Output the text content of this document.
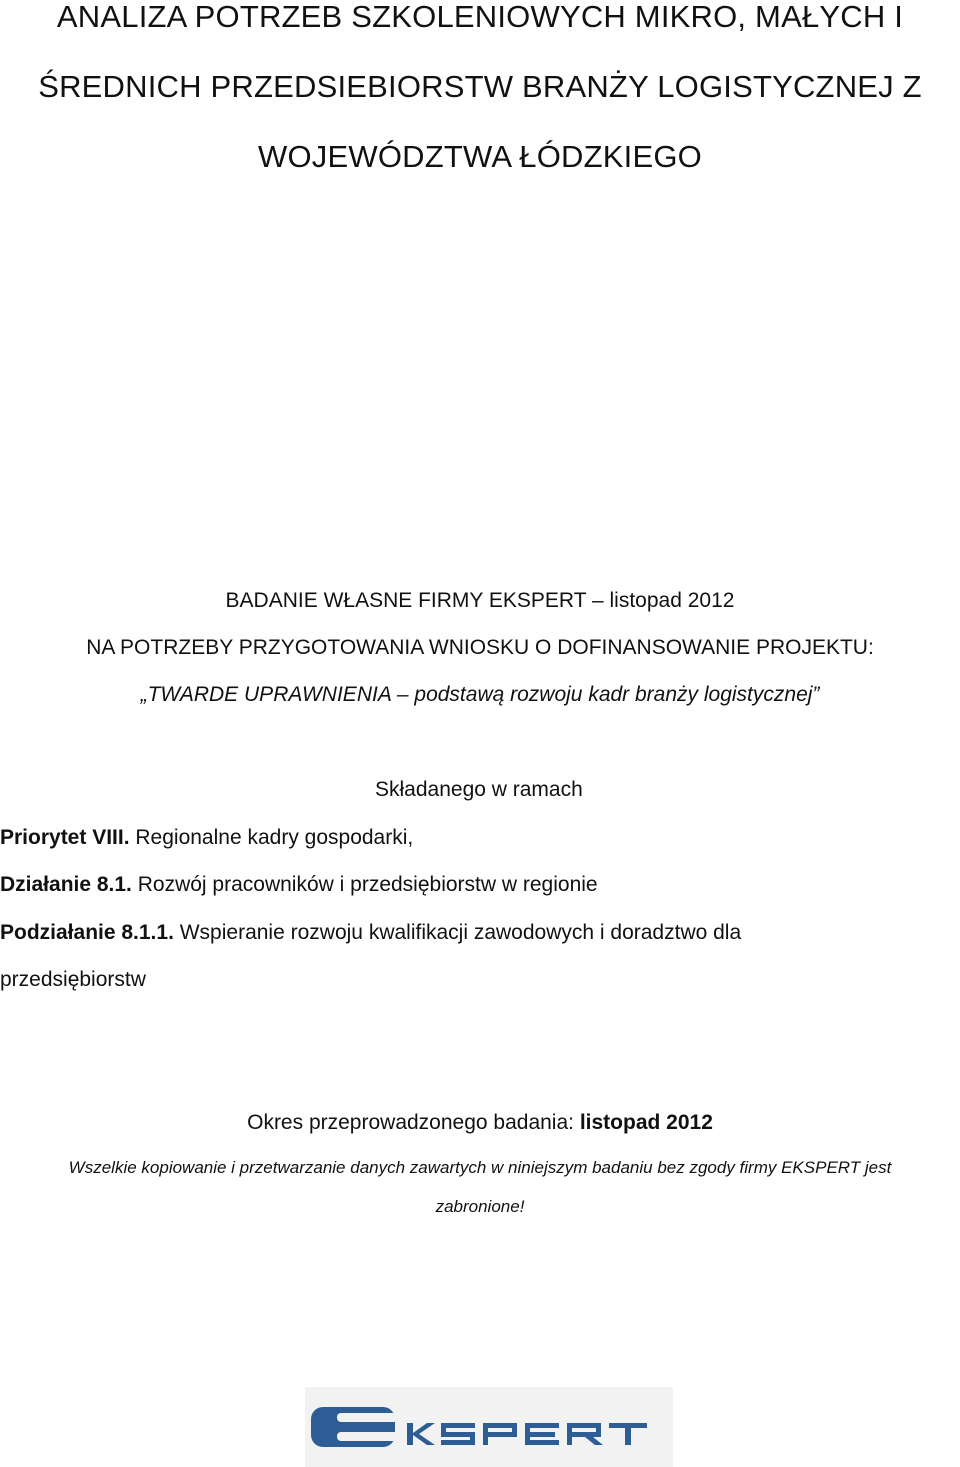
ANALIZA POTRZEB SZKOLENIOWYCH MIKRO, MAŁYCH I
ŚREDNICH PRZEDSIEBIORSTW BRANŻY LOGISTYCZNEJ Z
WOJEWÓDZTWA ŁÓDZKIEGO
BADANIE WŁASNE FIRMY EKSPERT – listopad 2012
NA POTRZEBY PRZYGOTOWANIA WNIOSKU O DOFINANSOWANIE PROJEKTU:
„TWARDE UPRAWNIENIA – podstawą rozwoju kadr branży logistycznej”
Składanego w ramach
Priorytet VIII. Regionalne kadry gospodarki,
Działanie 8.1. Rozwój pracowników i przedsiębiorstw w regionie
Podziałanie 8.1.1. Wspieranie rozwoju kwalifikacji zawodowych i doradztwo dla
przedsiębiorstw
Okres przeprowadzonego badania: listopad 2012
Wszelkie kopiowanie i przetwarzanie danych zawartych w niniejszym badaniu bez zgody firmy EKSPERT jest
zabronione!
